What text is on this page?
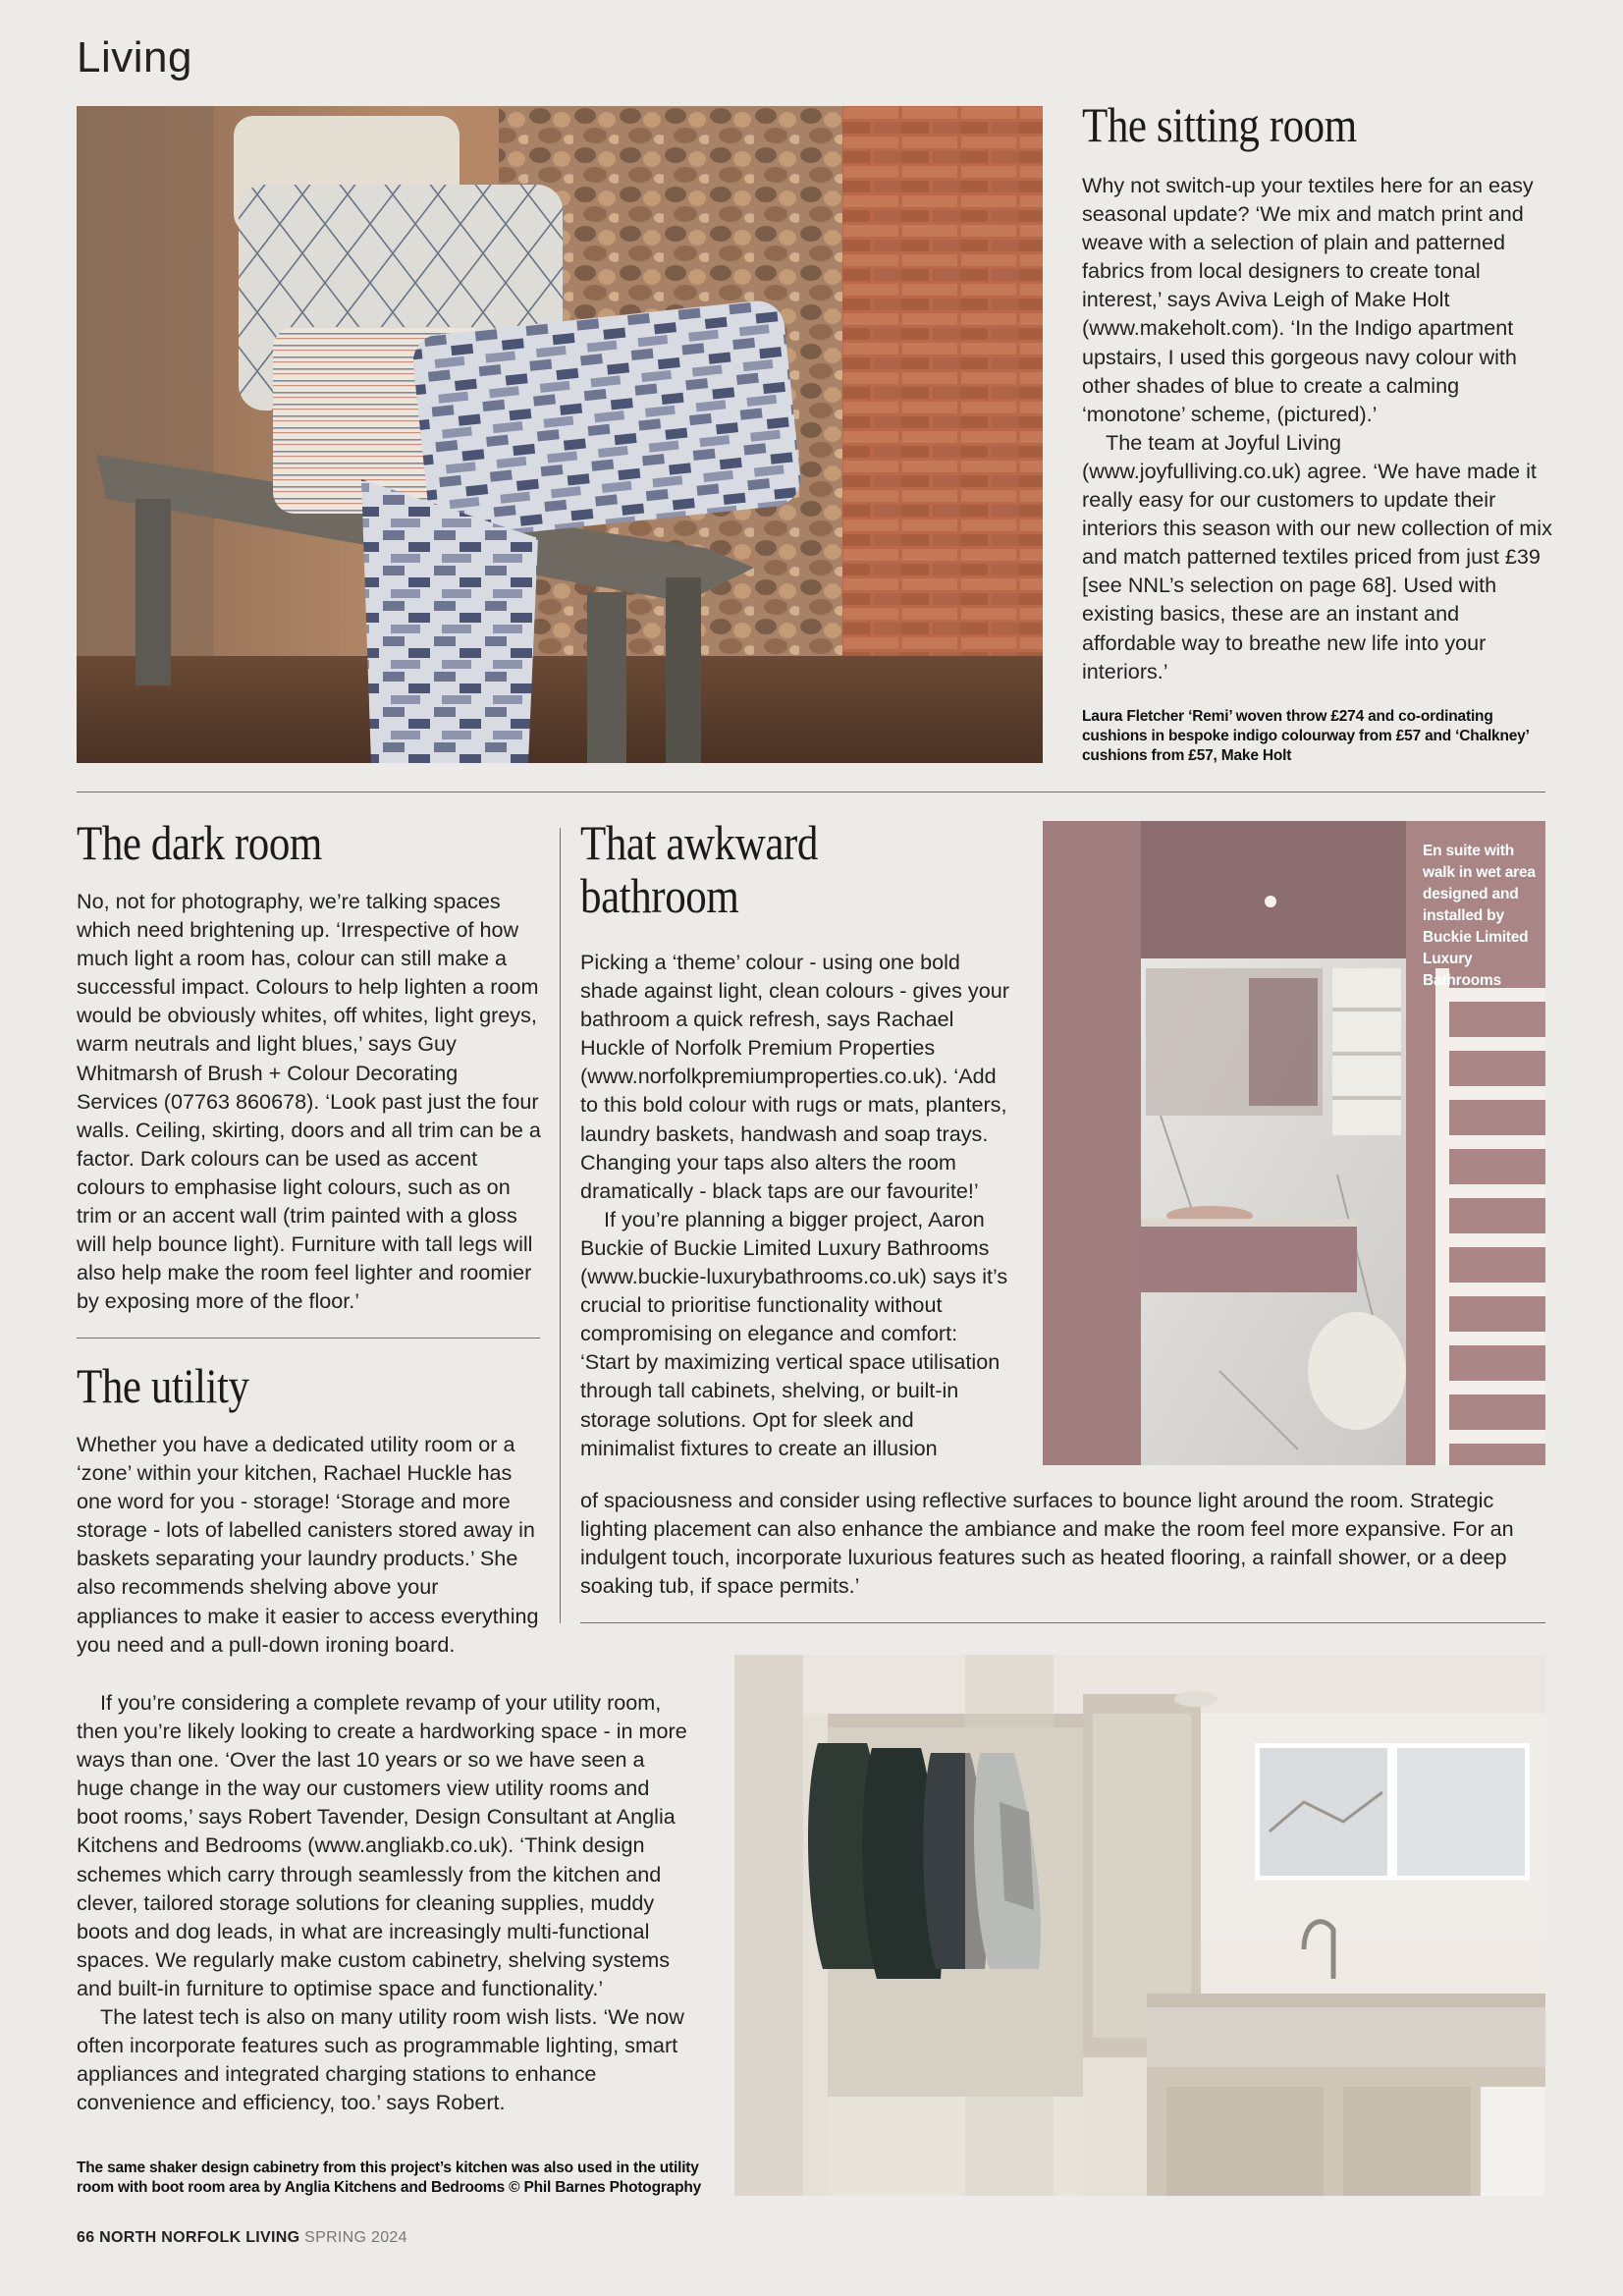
Living
The sitting room

Why not switch-up your textiles here for an easy seasonal update? ‘We mix and match print and weave with a selection of plain and patterned fabrics from local designers to create tonal interest,’ says Aviva Leigh of Make Holt (www.makeholt.com). ‘In the Indigo apartment upstairs, I used this gorgeous navy colour with other shades of blue to create a calming ‘monotone’ scheme, (pictured).’

The team at Joyful Living (www.joyfulliving.co.uk) agree. ‘We have made it really easy for our customers to update their interiors this season with our new collection of mix and match patterned textiles priced from just £39 [see NNL’s selection on page 68]. Used with existing basics, these are an instant and affordable way to breathe new life into your interiors.’

Laura Fletcher ‘Remi’ woven throw £274 and co-ordinating cushions in bespoke indigo colourway from £57 and ‘Chalkney’ cushions from £57, Make Holt
The dark room

No, not for photography, we’re talking spaces which need brightening up. ‘Irrespective of how much light a room has, colour can still make a successful impact. Colours to help lighten a room would be obviously whites, off whites, light greys, warm neutrals and light blues,’ says Guy Whitmarsh of Brush + Colour Decorating Services (07763 860678). ‘Look past just the four walls. Ceiling, skirting, doors and all trim can be a factor. Dark colours can be used as accent colours to emphasise light colours, such as on trim or an accent wall (trim painted with a gloss will help bounce light). Furniture with tall legs will also help make the room feel lighter and roomier by exposing more of the floor.’

The utility

Whether you have a dedicated utility room or a ‘zone’ within your kitchen, Rachael Huckle has one word for you - storage! ‘Storage and more storage - lots of labelled canisters stored away in baskets separating your laundry products.’ She also recommends shelving above your appliances to make it easier to access everything you need and a pull-down ironing board.

If you’re considering a complete revamp of your utility room, then you’re likely looking to create a hardworking space - in more ways than one. ‘Over the last 10 years or so we have seen a huge change in the way our customers view utility rooms and boot rooms,’ says Robert Tavender, Design Consultant at Anglia Kitchens and Bedrooms (www.angliakb.co.uk). ‘Think design schemes which carry through seamlessly from the kitchen and clever, tailored storage solutions for cleaning supplies, muddy boots and dog leads, in what are increasingly multi-functional spaces. We regularly make custom cabinetry, shelving systems and built-in furniture to optimise space and functionality.’

The latest tech is also on many utility room wish lists. ‘We now often incorporate features such as programmable lighting, smart appliances and integrated charging stations to enhance convenience and efficiency, too.’ says Robert.

The same shaker design cabinetry from this project’s kitchen was also used in the utility room with boot room area by Anglia Kitchens and Bedrooms © Phil Barnes Photography
That awkward
bathroom

Picking a ‘theme’ colour - using one bold shade against light, clean colours - gives your bathroom a quick refresh, says Rachael Huckle of Norfolk Premium Properties (www.norfolkpremiumproperties.co.uk). ‘Add to this bold colour with rugs or mats, planters, laundry baskets, handwash and soap trays. Changing your taps also alters the room dramatically - black taps are our favourite!’

If you’re planning a bigger project, Aaron Buckie of Buckie Limited Luxury Bathrooms (www.buckie-luxurybathrooms.co.uk) says it’s crucial to prioritise functionality without compromising on elegance and comfort: ‘Start by maximizing vertical space utilisation through tall cabinets, shelving, or built-in storage solutions. Opt for sleek and minimalist fixtures to create an illusion

of spaciousness and consider using reflective surfaces to bounce light around the room. Strategic lighting placement can also enhance the ambiance and make the room feel more expansive. For an indulgent touch, incorporate luxurious features such as heated flooring, a rainfall shower, or a deep soaking tub, if space permits.’

En suite with walk in wet area designed and installed by Buckie Limited Luxury Bathrooms
66 NORTH NORFOLK LIVING SPRING 2024
